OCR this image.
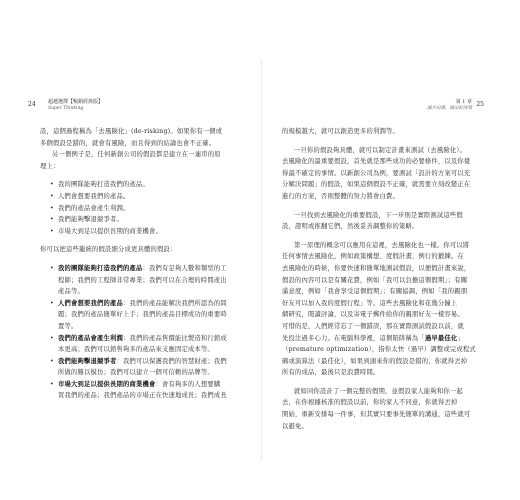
24 超越選擇【暢銷經典版】
Super Thinking

設，這個過程稱為「去風險化」(de-risking)。如果你有一個或

多個假設是錯的，就會有風險，而且得到的結論也會不正確。

另一個例子是，任何新創公司的假設都是建立在一連串的原

理上：

• 我的團隊能夠打造我們的產品。
• 人們會想要我們的產品。
• 我們的產品會產生利潤。
• 我們能夠擊退競爭者。
• 市場大到足以提供長期的商業機會。

你可以把這些籠統的假設細分成更具體的假設：

• 我的團隊能夠打造我們的產品：我們有足夠人數和類型的工
程師；我們的工程師非常專業；我們可以在合理的時間產出
產品等。
• 人們會想要我們的產品：我們的產品能解決我們所認為的問
題；我們的產品簡單好上手；我們的產品目標成功的重要時
置等。
• 我們的產品會產生利潤：我們的產品售價能比製造和行銷成
本更高；我們可以銷售夠多的產品來支應固定成本等。
• 我們能夠擊退競爭者：我們可以保護我們的智慧財產；我們
所做的難以模仿；我們可以建立一個可信賴的品牌等。
• 市場大到足以提供長期的商業機會：會有夠多的人想要購
買我們的產品；我們產品的市場正在快速地成長；我們成長
第 1 章
減少出錯，做出好決策
25

的規模越大，就可以創造更多的利潤等。

一旦你的假設夠具體，就可以制定計畫來測試（去風險化）。

去風險化的最重要假設，首先就是那些成功的必要條件，以及你覺

得最不確定的事情。以新創公司為例，要測試「設計的方案可以充

分解決問題」的假設，如果這個假設不正確，就需要立刻改變正在

進行的方案，否則整體的努力將會白費。

一旦找到去風險化的重要假設，下一步則是實際測試這些假

設，證明或推翻它們，然後妥善調整你的策略。

第一原理的概念可以應用在這裡，去風險化也一樣。你可以將

任何事情去風險化，例如政策構想、度假計畫、例行的鍛鍊。在

去風險化的時候，你要快速和簡單地測試假設，以便假計畫來說，

假設的內容可以是有關花費，例如「我可以負擔這個假期」；有關

滿意度，例如「我會享受這個假期」；有關協調，例如「我的親朋

好友可以加入我的度假行程」等。這些去風險化和花幾分鐘上

網研究，閱讀評論，以及寄電子郵件給你的親朋好友一樣容易。

可惜的是，人們經常忘了一個錯誤，那在實際測試假設以前，就

先投注過多心力。在電腦科學裡，這個陷阱稱為「過早最佳化」

（premature optimization），指你太快（過早）調整或完成程式

碼或演算法（最佳化），如果到頭來你的假設是錯的，你就得丟掉

所有的成品，最後只是浪費時間。

就如同你設計了一個完整的假期，並假設家人能夠和你一起

去，在你根據核准的假設以前，你的家人不同意，你就得丟掉

開始，重新安排每一件事，但其實只要事先簡單的溝通，這些就可

以避免。
